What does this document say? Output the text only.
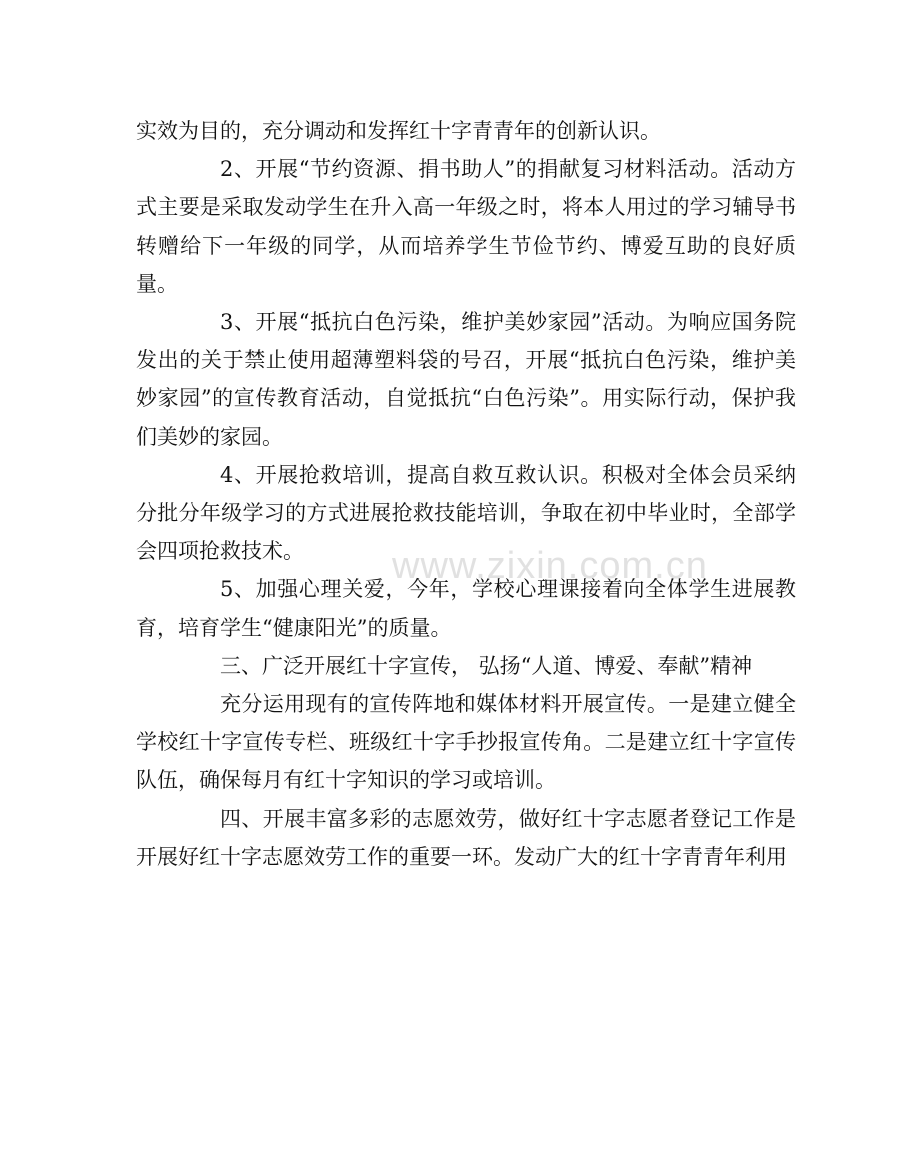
实效为目的，充分调动和发挥红十字青青年的创新认识。

2、开展“节约资源、捐书助人”的捐献复习材料活动。活动方式主要是采取发动学生在升入高一年级之时，将本人用过的学习辅导书转赠给下一年级的同学，从而培养学生节俭节约、博爱互助的良好质量。

3、开展“抵抗白色污染，维护美妙家园”活动。为响应国务院发出的关于禁止使用超薄塑料袋的号召，开展“抵抗白色污染，维护美妙家园”的宣传教育活动，自觉抵抗“白色污染”。用实际行动，保护我们美妙的家园。

4、开展抢救培训，提高自救互救认识。积极对全体会员采纳分批分年级学习的方式进展抢救技能培训，争取在初中毕业时，全部学会四项抢救技术。

5、加强心理关爱，今年，学校心理课接着向全体学生进展教育，培育学生“健康阳光”的质量。

三、广泛开展红十字宣传， 弘扬“人道、博爱、奉献”精神

充分运用现有的宣传阵地和媒体材料开展宣传。一是建立健全学校红十字宣传专栏、班级红十字手抄报宣传角。二是建立红十字宣传队伍，确保每月有红十字知识的学习或培训。

四、开展丰富多彩的志愿效劳，做好红十字志愿者登记工作是开展好红十字志愿效劳工作的重要一环。发动广大的红十字青青年利用

www.zixin.com.cn
